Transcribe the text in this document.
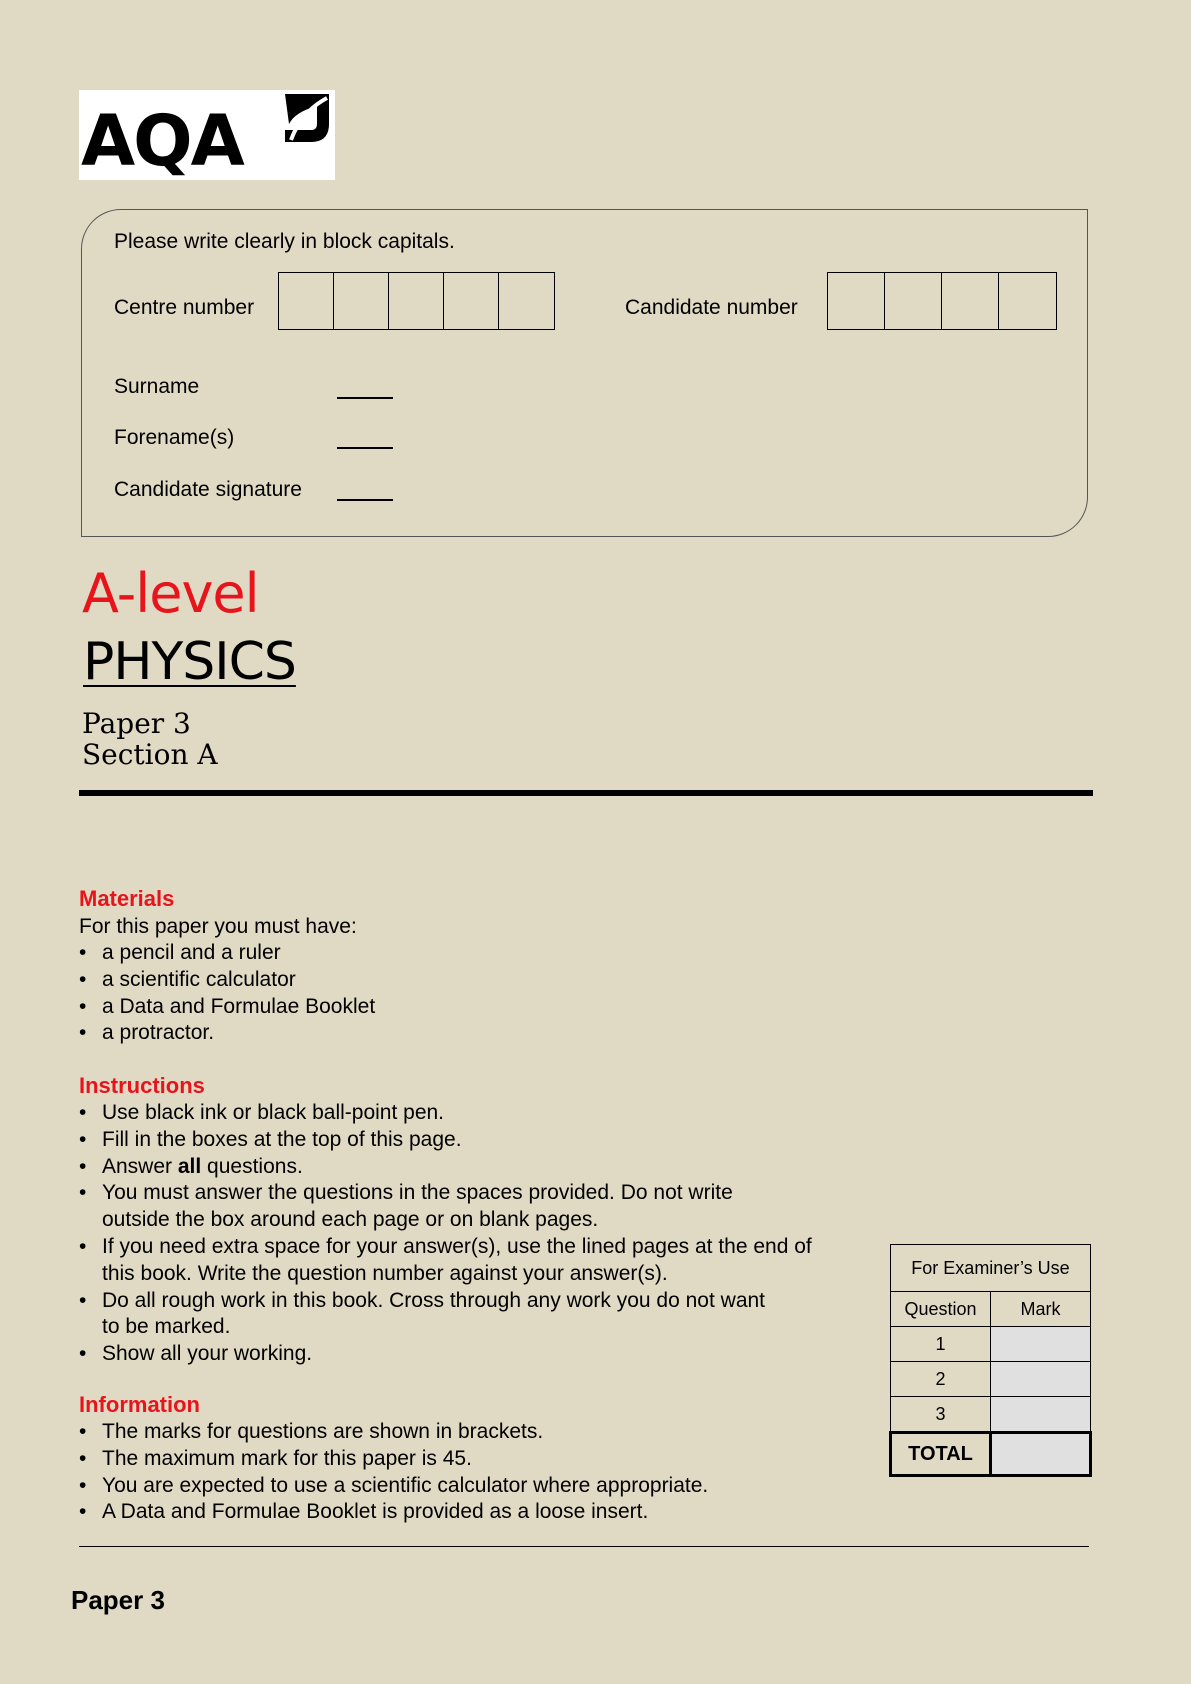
AQA
Please write clearly in block capitals.
Centre number	Candidate number
Surname
Forename(s)
Candidate signature
A-level
PHYSICS
Paper 3
Section A
Materials
For this paper you must have:
• a pencil and a ruler
• a scientific calculator
• a Data and Formulae Booklet
• a protractor.
Instructions
• Use black ink or black ball-point pen.
• Fill in the boxes at the top of this page.
• Answer all questions.
• You must answer the questions in the spaces provided. Do not write
outside the box around each page or on blank pages.
• If you need extra space for your answer(s), use the lined pages at the end of
this book. Write the question number against your answer(s).
• Do all rough work in this book. Cross through any work you do not want
to be marked.
• Show all your working.
Information
• The marks for questions are shown in brackets.
• The maximum mark for this paper is 45.
• You are expected to use a scientific calculator where appropriate.
• A Data and Formulae Booklet is provided as a loose insert.
For Examiner’s Use	
Question	Mark
1	
2	
3	
TOTAL	
Paper 3
